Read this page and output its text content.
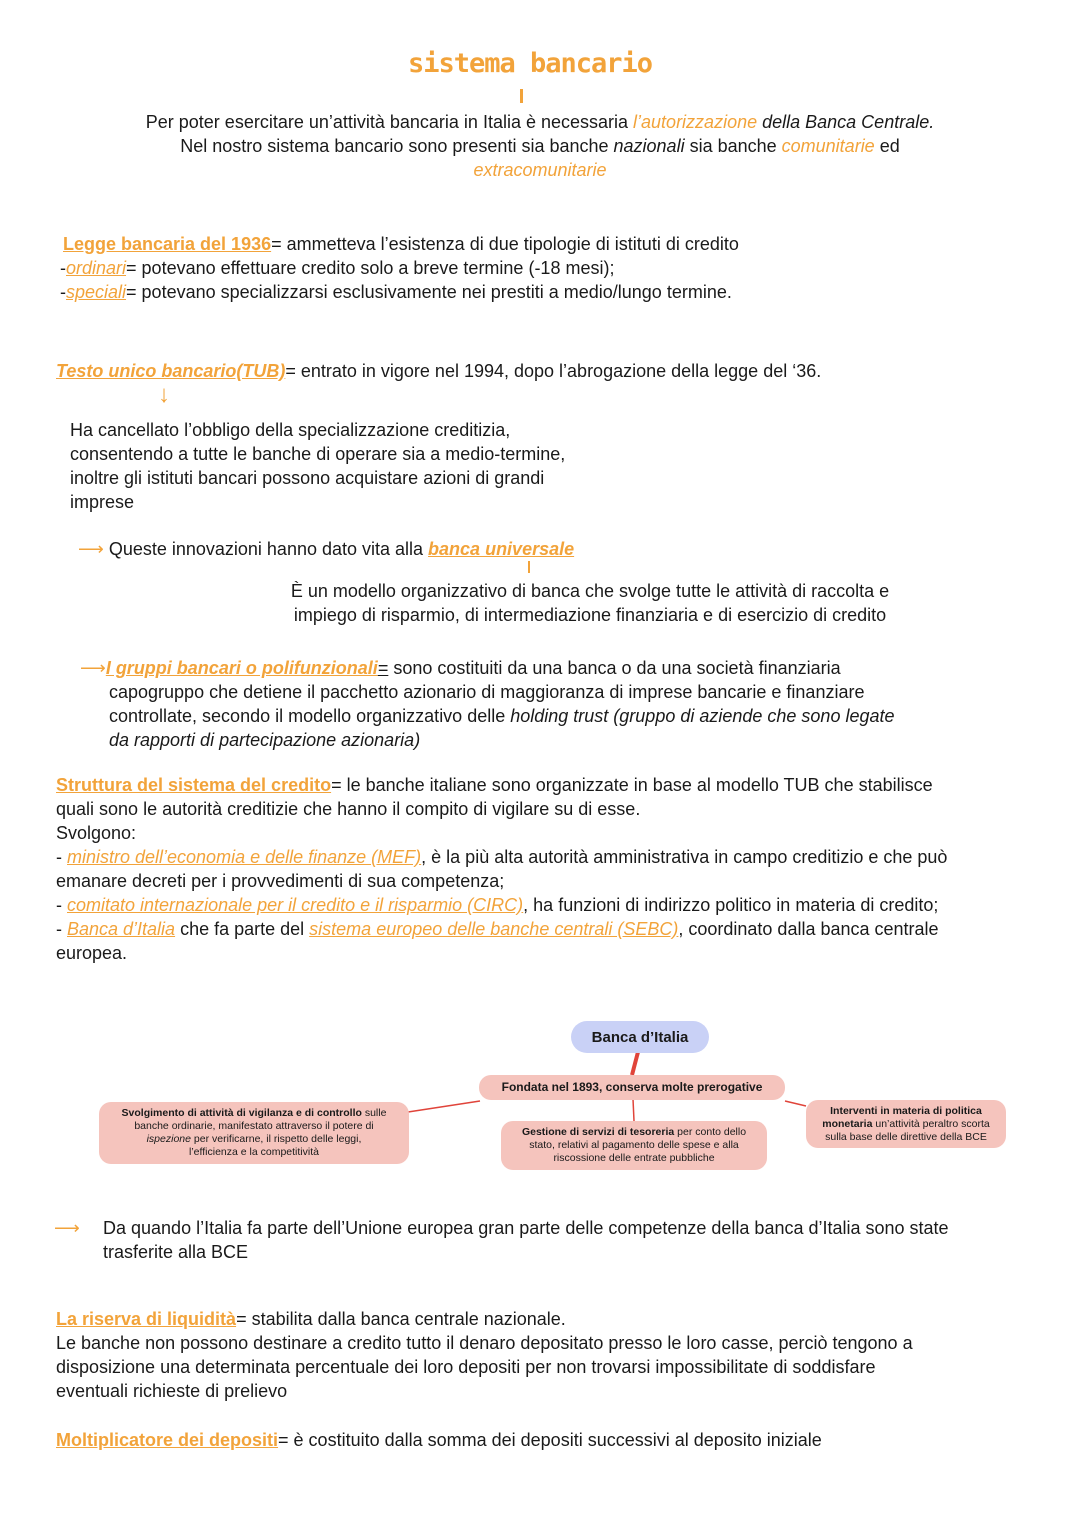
sistema bancario
Per poter esercitare un’attività bancaria in Italia è necessaria l’autorizzazione della Banca Centrale.
Nel nostro sistema bancario sono presenti sia banche nazionali sia banche comunitarie ed
extracomunitarie
Legge bancaria del 1936= ammetteva l’esistenza di due tipologie di istituti di credito
-ordinari= potevano effettuare credito solo a breve termine (-18 mesi);
-speciali= potevano specializzarsi esclusivamente nei prestiti a medio/lungo termine.
Testo unico bancario(TUB)= entrato in vigore nel 1994, dopo l’abrogazione della legge del ‘36.
↓
Ha cancellato l’obbligo della specializzazione creditizia,
consentendo a tutte le banche di operare sia a medio-termine,
inoltre gli istituti bancari possono acquistare azioni di grandi
imprese
⟶ Queste innovazioni hanno dato vita alla banca universale
È un modello organizzativo di banca che svolge tutte le attività di raccolta e
impiego di risparmio, di intermediazione finanziaria e di esercizio di credito
⟶I gruppi bancari o polifunzionali= sono costituiti da una banca o da una società finanziaria
capogruppo che detiene il pacchetto azionario di maggioranza di imprese bancarie e finanziare
controllate, secondo il modello organizzativo delle holding trust (gruppo di aziende che sono legate
da rapporti di partecipazione azionaria)
Struttura del sistema del credito= le banche italiane sono organizzate in base al modello TUB che stabilisce
quali sono le autorità creditizie che hanno il compito di vigilare su di esse.
Svolgono:
- ministro dell’economia e delle finanze (MEF), è la più alta autorità amministrativa in campo creditizio e che può
emanare decreti per i provvedimenti di sua competenza;
- comitato internazionale per il credito e il risparmio (CIRC), ha funzioni di indirizzo politico in materia di credito;
- Banca d’Italia che fa parte del sistema europeo delle banche centrali (SEBC), coordinato dalla banca centrale
europea.
Banca d’Italia
Fondata nel 1893, conserva molte prerogative
Svolgimento di attività di vigilanza e di controllo sulle
banche ordinarie, manifestato attraverso il potere di
ispezione per verificarne, il rispetto delle leggi,
l’efficienza e la competitività
Gestione di servizi di tesoreria per conto dello
stato, relativi al pagamento delle spese e alla
riscossione delle entrate pubbliche
Interventi in materia di politica
monetaria un’attività peraltro scorta
sulla base delle direttive della BCE
⟶ Da quando l’Italia fa parte dell’Unione europea gran parte delle competenze della banca d’Italia sono state
trasferite alla BCE
La riserva di liquidità= stabilita dalla banca centrale nazionale.
Le banche non possono destinare a credito tutto il denaro depositato presso le loro casse, perciò tengono a
disposizione una determinata percentuale dei loro depositi per non trovarsi impossibilitate di soddisfare
eventuali richieste di prelievo
Moltiplicatore dei depositi= è costituito dalla somma dei depositi successivi al deposito iniziale
